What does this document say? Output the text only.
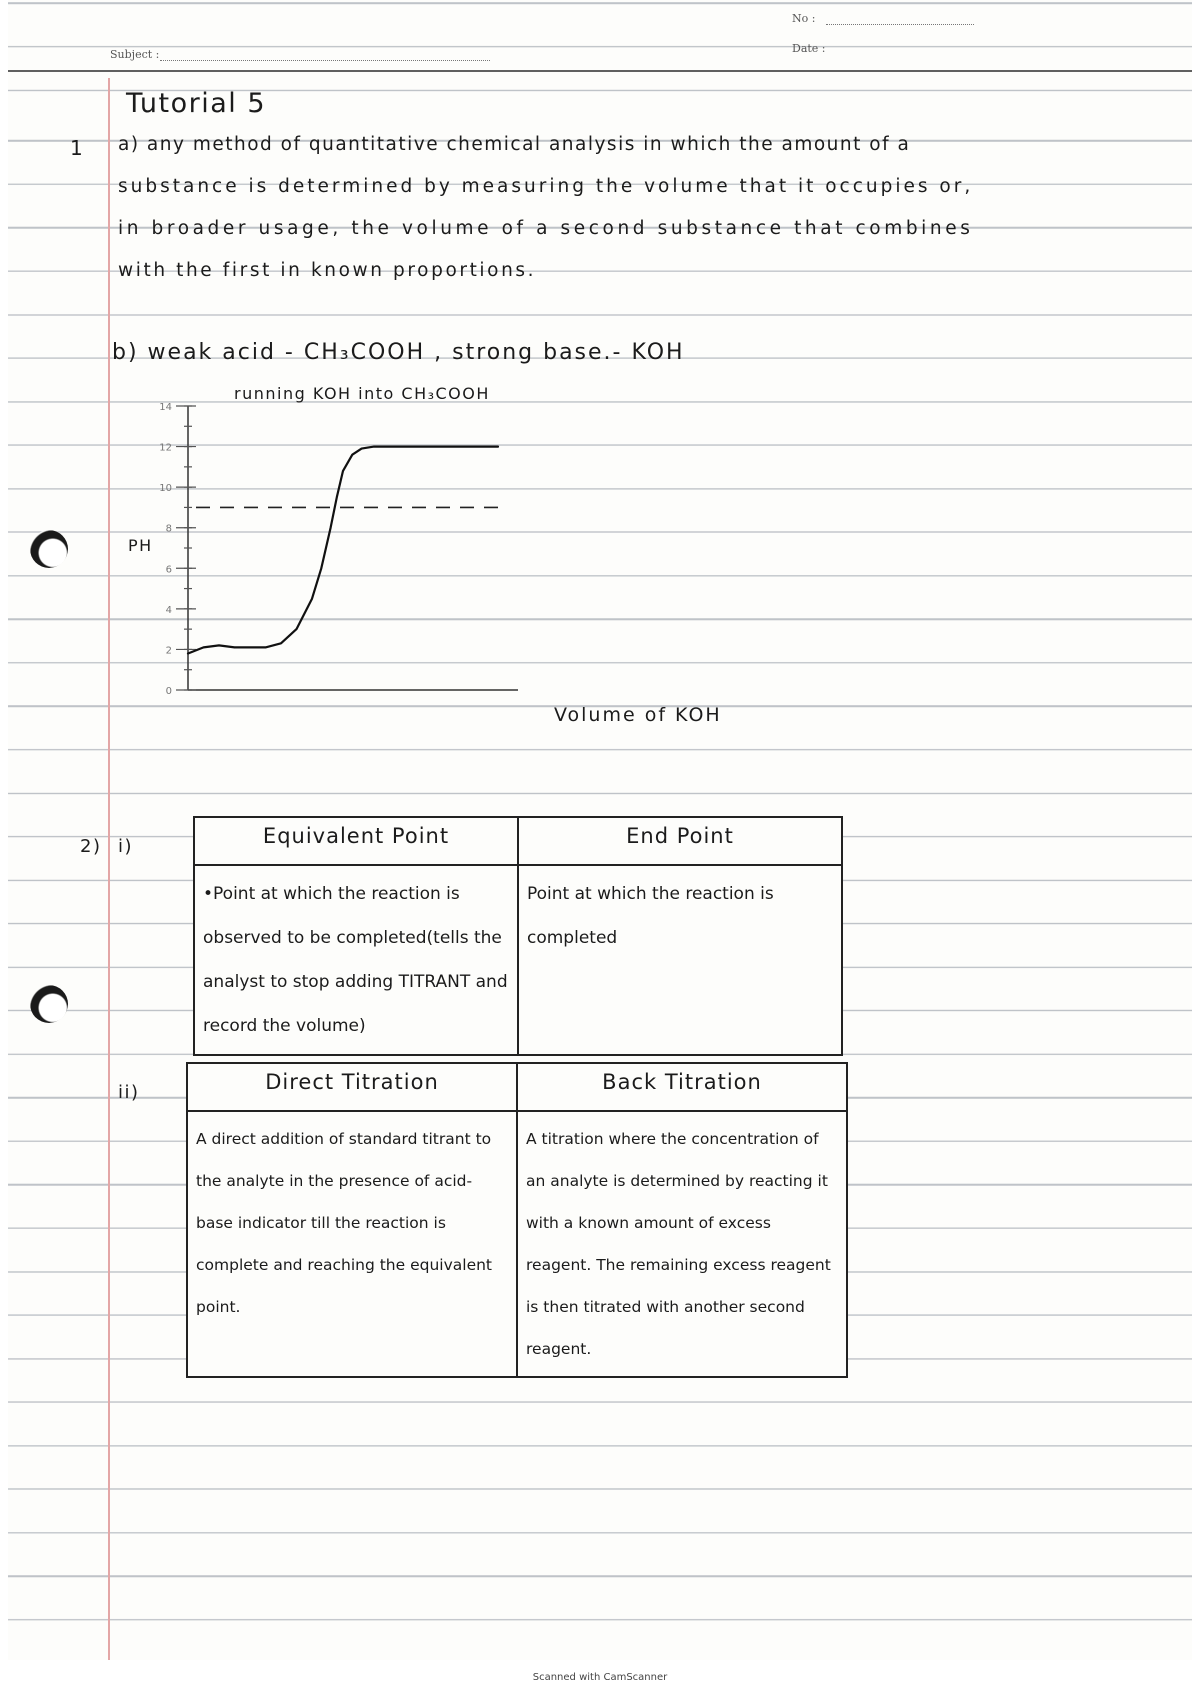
No :
Date :
Subject :
Tutorial 5
1 a) any method of quantitative chemical analysis in which the amount of a
substance is determined by measuring the volume that it occupies or,
in broader usage, the volume of a second substance that combines
with the first in known proportions.
b) weak acid - CH₃COOH , strong base.- KOH
running KOH into CH₃COOH
PH
Volume of KOH
0
2
4
6
8
10
12
14
2) i)	Equivalent Point	End Point
•Point at which the reaction is observed to be completed(tells the analyst to stop adding TITRANT and record the volume)	Point at which the reaction is completed
ii)	Direct Titration	Back Titration
A direct addition of standard titrant to the analyte in the presence of acid-base indicator till the reaction is complete and reaching the equivalent point.	A titration where the concentration of an analyte is determined by reacting it with a known amount of excess reagent. The remaining excess reagent is then titrated with another second reagent.
Scanned with CamScanner
